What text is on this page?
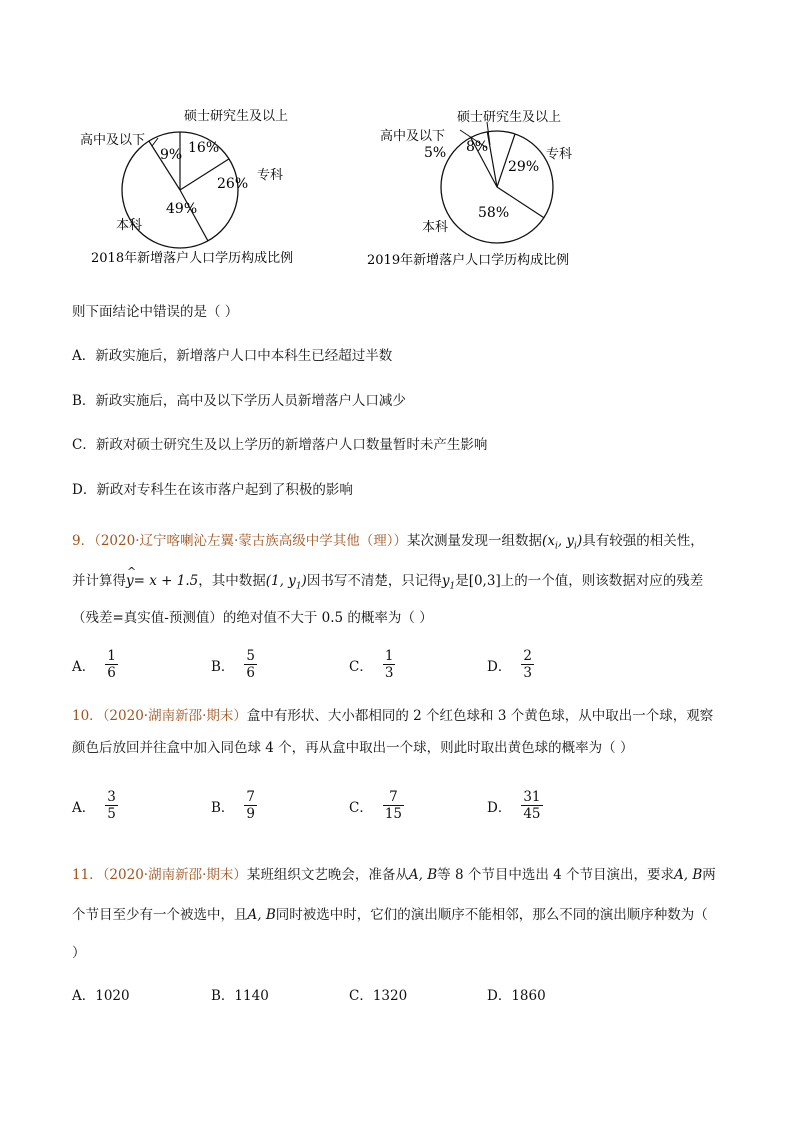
硕士研究生及以上
高中及以下
专科
本科
16%
9%
26%
49%
2018年新增落户人口学历构成比例
硕士研究生及以上
高中及以下
专科
本科
8%
5%
29%
58%
2019年新增落户人口学历构成比例
则下面结论中错误的是（ ）
A．新政实施后，新增落户人口中本科生已经超过半数
B．新政实施后，高中及以下学历人员新增落户人口减少
C．新政对硕士研究生及以上学历的新增落户人口数量暂时未产生影响
D．新政对专科生在该市落户起到了积极的影响
9．（2020·辽宁喀喇沁左翼·蒙古族高级中学其他（理））某次测量发现一组数据($x_i$, $y_i$)具有较强的相关性，
并计算得
^
y= x + 1.5，其中数据(1, $y_1$)因书写不清楚，只记得$y_1$是[0,3]上的一个值，则该数据对应的残差
（残差=真实值-预测值）的绝对值不大于 0.5 的概率为（ ）
A． $\frac{1}{6}$	B． $\frac{5}{6}$	C． $\frac{1}{3}$	D． $\frac{2}{3}$
10．（2020·湖南新邵·期末）盒中有形状、大小都相同的 2 个红色球和 3 个黄色球，从中取出一个球，观察
颜色后放回并往盒中加入同色球 4 个，再从盒中取出一个球，则此时取出黄色球的概率为（ ）
A． $\frac{3}{5}$	B． $\frac{7}{9}$	C． $\frac{7}{15}$	D． $\frac{31}{45}$
11．（2020·湖南新邵·期末）某班组织文艺晚会，准备从A, B等 8 个节目中选出 4 个节目演出，要求A, B两
个节目至少有一个被选中，且A, B同时被选中时，它们的演出顺序不能相邻，那么不同的演出顺序种数为（
）
A．1020	B．1140	C．1320	D．1860
